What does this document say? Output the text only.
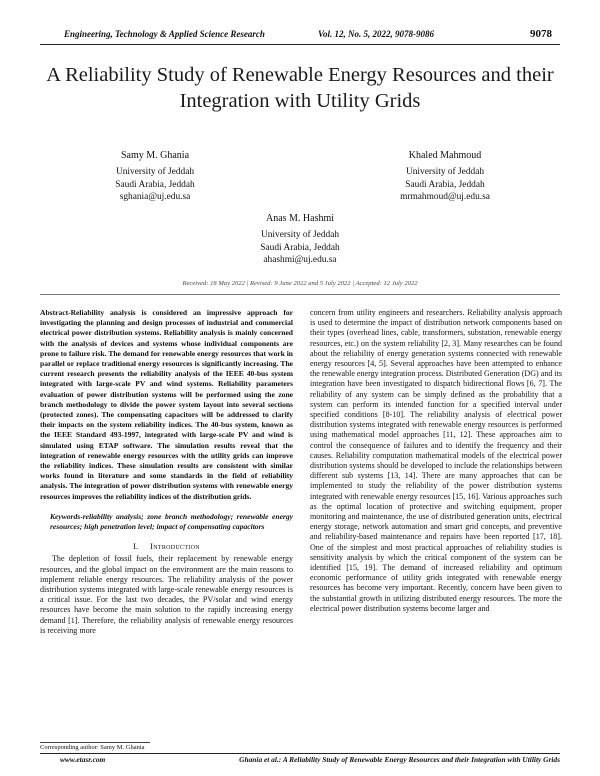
Engineering, Technology & Applied Science Research	Vol. 12, No. 5, 2022, 9078-9086	9078
A Reliability Study of Renewable Energy Resources and their Integration with Utility Grids
Samy M. Ghania
University of Jeddah
Saudi Arabia, Jeddah
sghania@uj.edu.sa
Khaled Mahmoud
University of Jeddah
Saudi Arabia, Jeddah
mrmahmoud@uj.edu.sa
Anas M. Hashmi
University of Jeddah
Saudi Arabia, Jeddah
ahashmi@uj.edu.sa
Received: 18 May 2022 | Revised: 9 June 2022 and 5 July 2022 | Accepted: 12 July 2022

Abstract-Reliability analysis is considered an impressive approach for investigating the planning and design processes of industrial and commercial electrical power distribution systems. Reliability analysis is mainly concerned with the analysis of devices and systems whose individual components are prone to failure risk. The demand for renewable energy resources that work in parallel or replace traditional energy resources is significantly increasing. The current research presents the reliability analysis of the IEEE 40-bus system integrated with large-scale PV and wind systems. Reliability parameters evaluation of power distribution systems will be performed using the zone branch methodology to divide the power system layout into several sections (protected zones). The compensating capacitors will be addressed to clarify their impacts on the system reliability indices. The 40-bus system, known as the IEEE Standard 493-1997, integrated with large-scale PV and wind is simulated using ETAP software. The simulation results reveal that the integration of renewable energy resources with the utility grids can improve the reliability indices. These simulation results are consistent with similar works found in literature and some standards in the field of reliability analysis. The integration of power distribution systems with renewable energy resources improves the reliability indices of the distribution grids.

Keywords-reliability analysis; zone branch methodology; renewable energy resources; high penetration level; impact of compensating capacitors

I. Introduction

The depletion of fossil fuels, their replacement by renewable energy resources, and the global impact on the environment are the main reasons to implement reliable energy resources. The reliability analysis of the power distribution systems integrated with large-scale renewable energy resources is a critical issue. For the last two decades, the PV/solar and wind energy resources have become the main solution to the rapidly increasing energy demand [1]. Therefore, the reliability analysis of renewable energy resources is receiving more

concern from utility engineers and researchers. Reliability analysis approach is used to determine the impact of distribution network components based on their types (overhead lines, cable, transformers, substation, renewable energy resources, etc.) on the system reliability [2, 3]. Many researches can be found about the reliability of energy generation systems connected with renewable energy resources [4, 5]. Several approaches have been attempted to enhance the renewable energy integration process. Distributed Generation (DG) and its integration have been investigated to dispatch bidirectional flows [6, 7]. The reliability of any system can be simply defined as the probability that a system can perform its intended function for a specified interval under specified conditions [8-10]. The reliability analysis of electrical power distribution systems integrated with renewable energy resources is performed using mathematical model approaches [11, 12]. These approaches aim to control the consequence of failures and to identify the frequency and their causes. Reliability computation mathematical models of the electrical power distribution systems should be developed to include the relationships between different sub systems [13, 14]. There are many approaches that can be implemented to study the reliability of the power distribution systems integrated with renewable energy resources [15, 16]. Various approaches such as the optimal location of protective and switching equipment, proper monitoring and maintenance, the use of distributed generation units, electrical energy storage, network automation and smart grid concepts, and preventive and reliability-based maintenance and repairs have been reported [17, 18]. One of the simplest and most practical approaches of reliability studies is sensitivity analysis by which the critical component of the system can be identified [15, 19]. The demand of increased reliability and optimum economic performance of utility grids integrated with renewable energy resources has become very important. Recently, concern have been given to the substantial growth in utilizing distributed energy resources. The more the electrical power distribution systems become larger and

Corresponding author: Samy M. Ghania
www.etasr.com	Ghania et al.: A Reliability Study of Renewable Energy Resources and their Integration with Utility Grids
